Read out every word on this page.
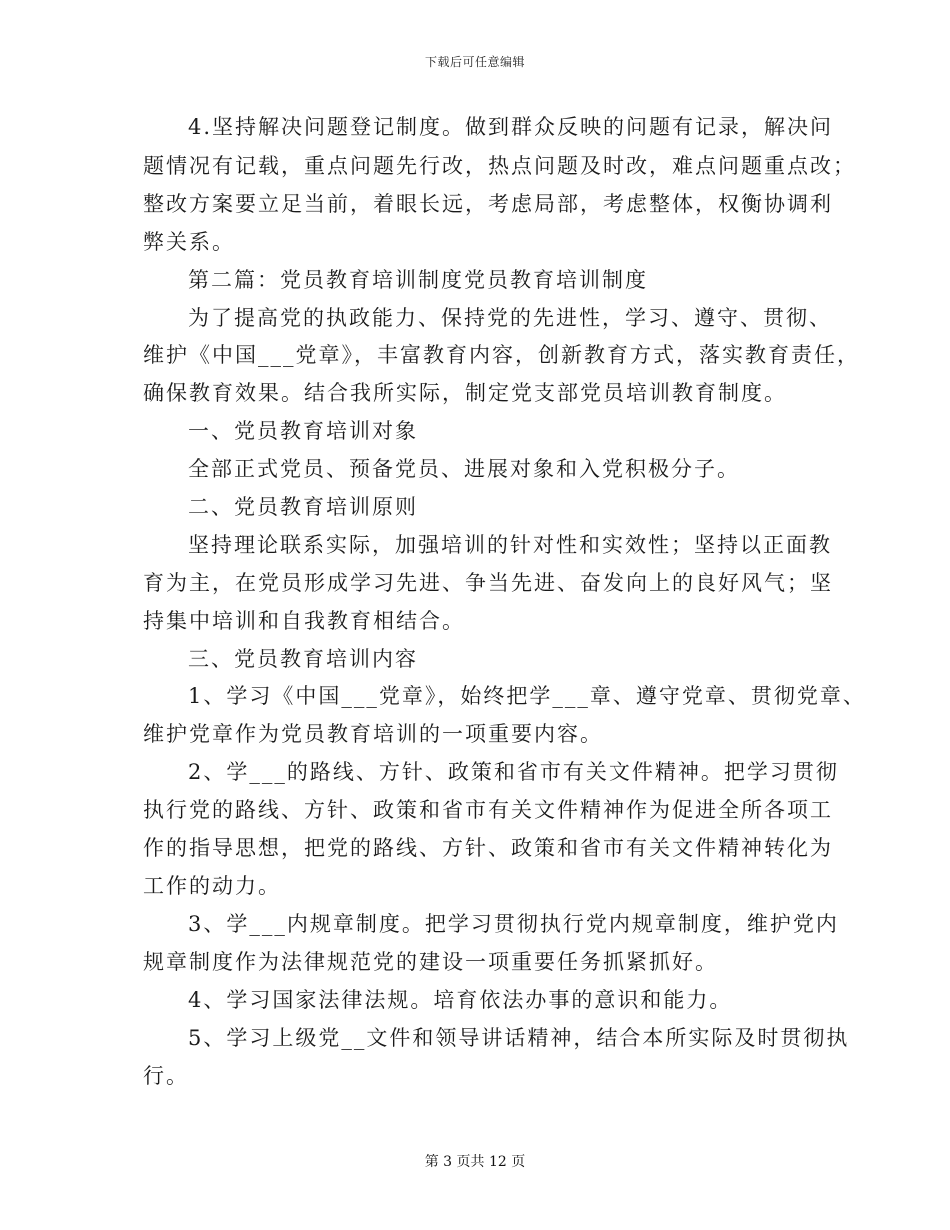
下载后可任意编辑
4.坚持解决问题登记制度。做到群众反映的问题有记录，解决问
题情况有记载，重点问题先行改，热点问题及时改，难点问题重点改；
整改方案要立足当前，着眼长远，考虑局部，考虑整体，权衡协调利
弊关系。
第二篇：党员教育培训制度党员教育培训制度
为了提高党的执政能力、保持党的先进性，学习、遵守、贯彻、
维护《中国___党章》，丰富教育内容，创新教育方式，落实教育责任，
确保教育效果。结合我所实际，制定党支部党员培训教育制度。
一、党员教育培训对象
全部正式党员、预备党员、进展对象和入党积极分子。
二、党员教育培训原则
坚持理论联系实际，加强培训的针对性和实效性；坚持以正面教
育为主，在党员形成学习先进、争当先进、奋发向上的良好风气；坚
持集中培训和自我教育相结合。
三、党员教育培训内容
1、学习《中国___党章》，始终把学___章、遵守党章、贯彻党章、
维护党章作为党员教育培训的一项重要内容。
2、学___的路线、方针、政策和省市有关文件精神。把学习贯彻
执行党的路线、方针、政策和省市有关文件精神作为促进全所各项工
作的指导思想，把党的路线、方针、政策和省市有关文件精神转化为
工作的动力。
3、学___内规章制度。把学习贯彻执行党内规章制度，维护党内
规章制度作为法律规范党的建设一项重要任务抓紧抓好。
4、学习国家法律法规。培育依法办事的意识和能力。
5、学习上级党__文件和领导讲话精神，结合本所实际及时贯彻执
行。
第 3 页共 12 页
